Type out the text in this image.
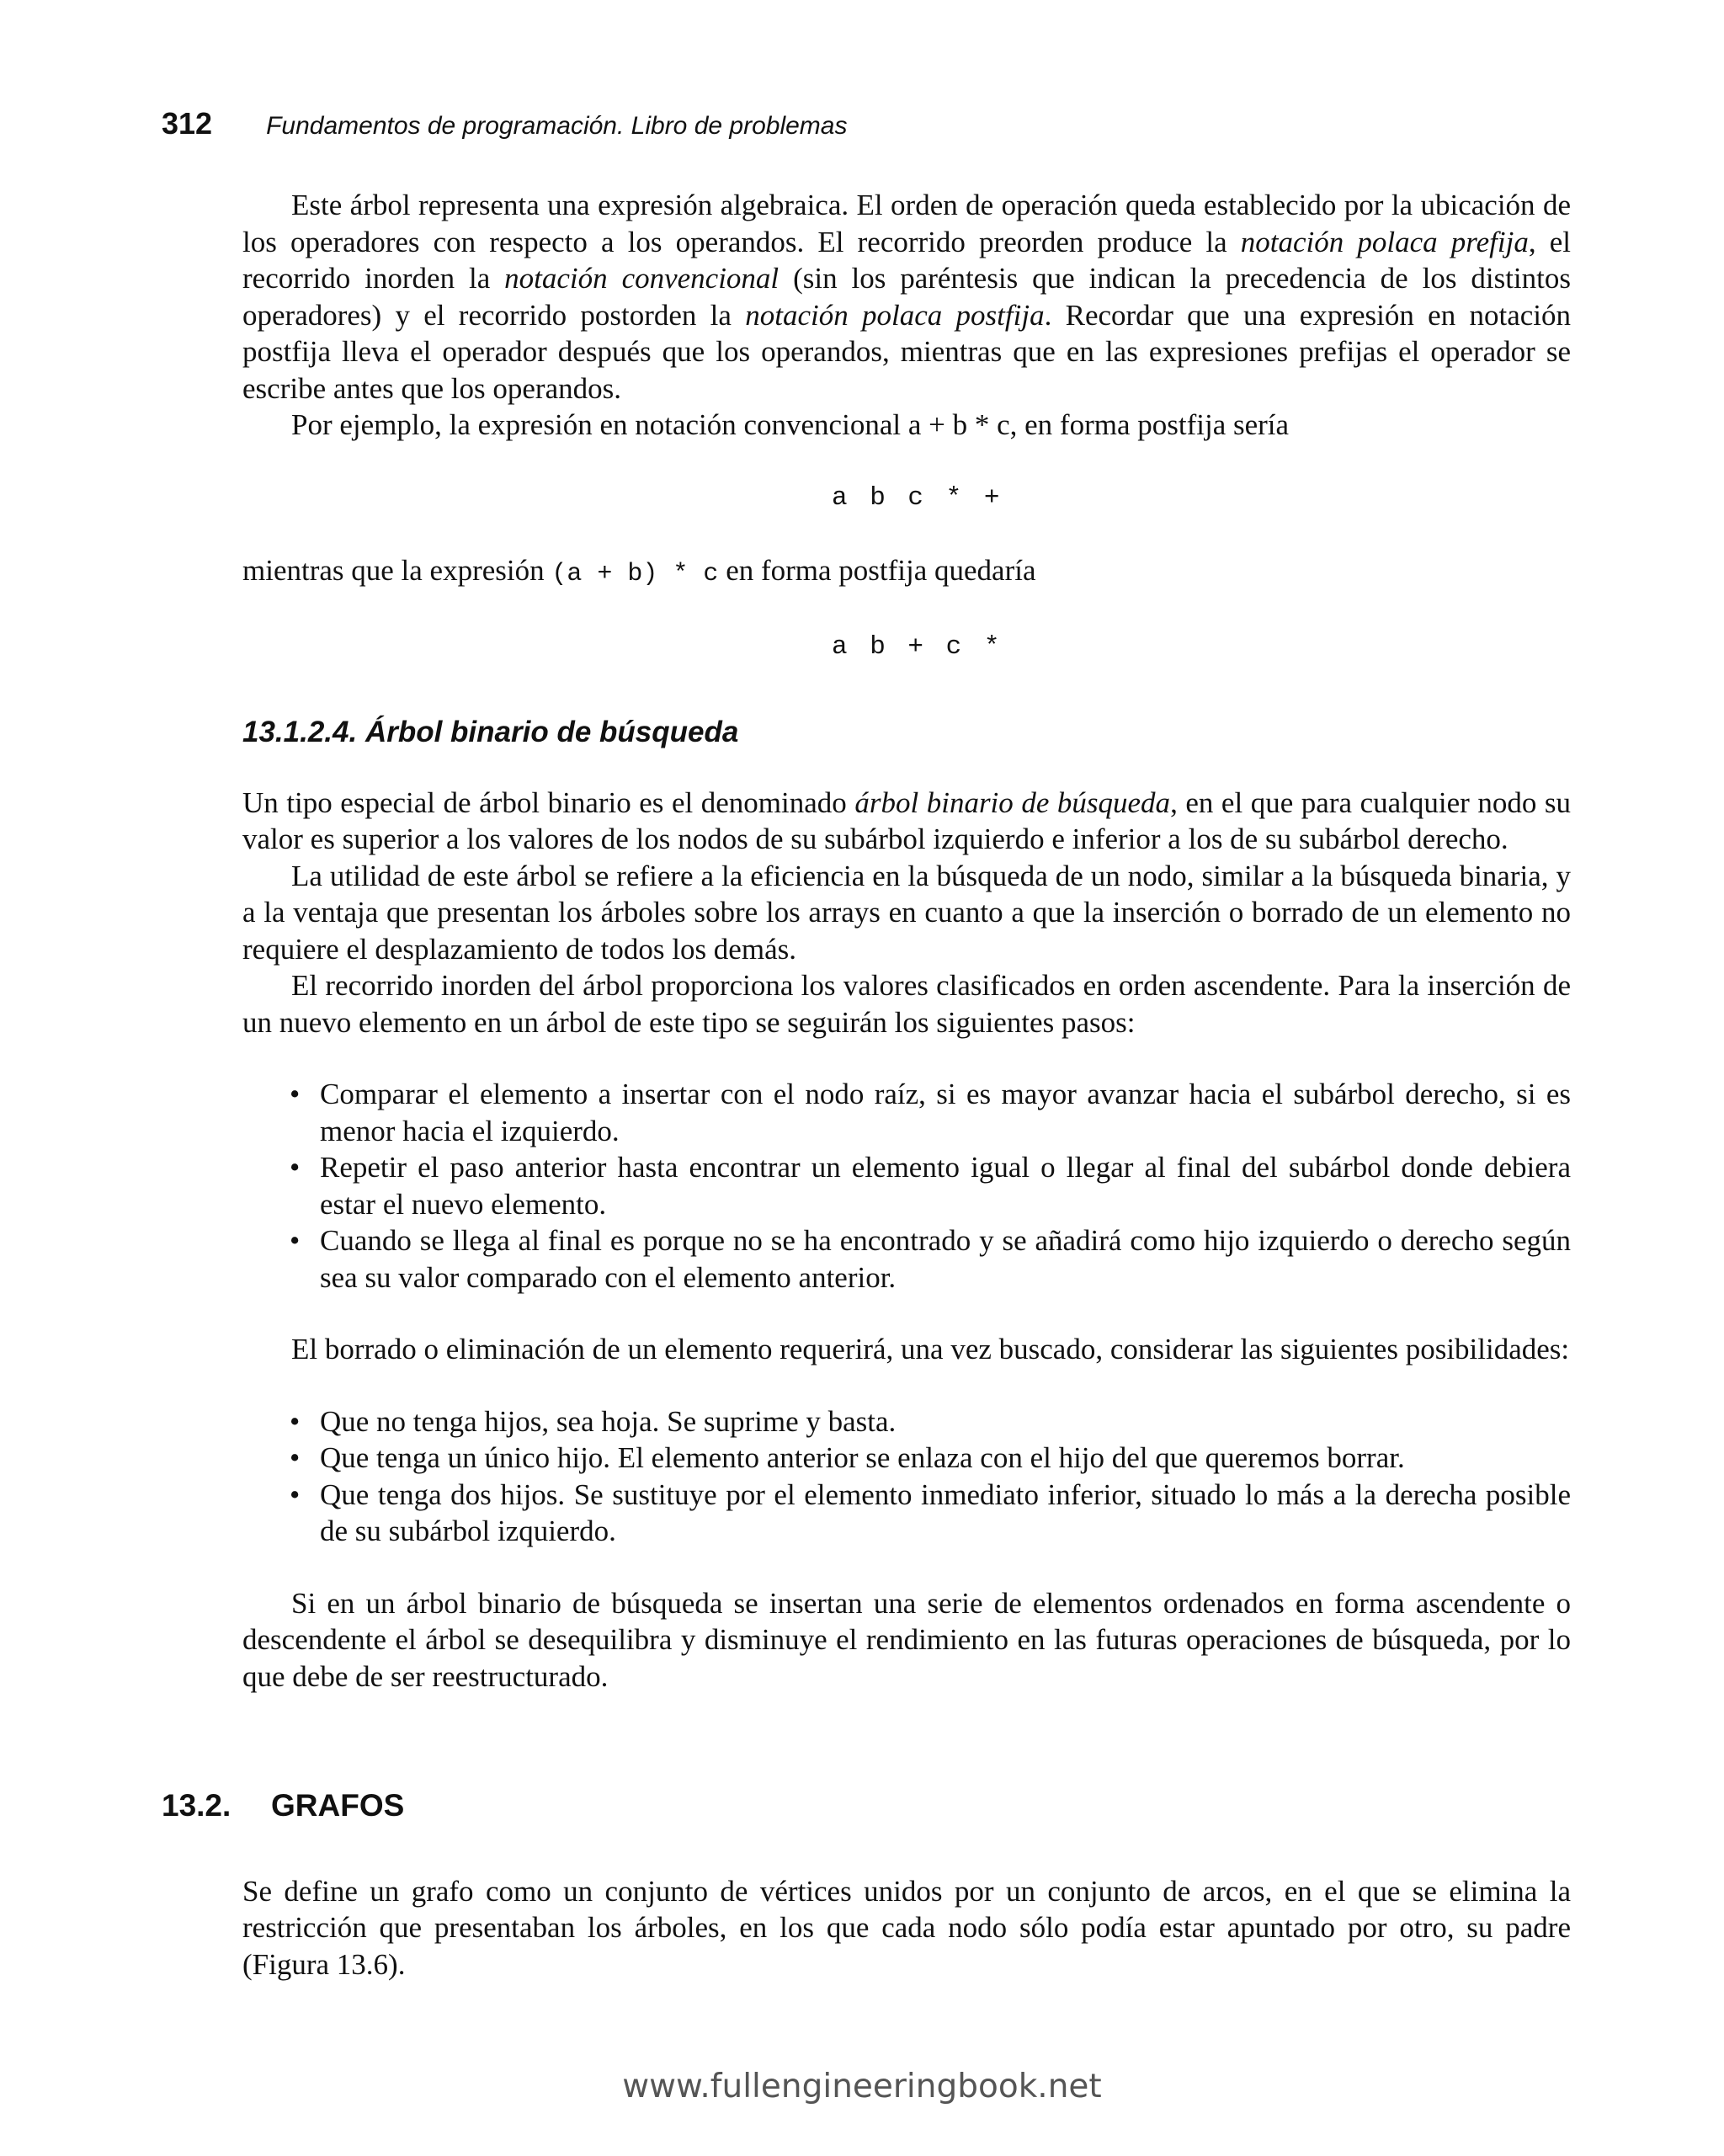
312 Fundamentos de programación. Libro de problemas

Este árbol representa una expresión algebraica. El orden de operación queda establecido por la ubicación de los operadores con respecto a los operandos. El recorrido preorden produce la notación polaca prefija, el recorrido inorden la notación convencional (sin los paréntesis que indican la precedencia de los distintos operadores) y el recorrido postorden la notación polaca postfija. Recordar que una expresión en notación postfija lleva el operador después que los operandos, mientras que en las expresiones prefijas el operador se escribe antes que los operandos.

Por ejemplo, la expresión en notación convencional a + b * c, en forma postfija sería

a b c * +

mientras que la expresión (a + b) * c en forma postfija quedaría

a b + c *
13.1.2.4. Árbol binario de búsqueda

Un tipo especial de árbol binario es el denominado árbol binario de búsqueda, en el que para cualquier nodo su valor es superior a los valores de los nodos de su subárbol izquierdo e inferior a los de su subárbol derecho.

La utilidad de este árbol se refiere a la eficiencia en la búsqueda de un nodo, similar a la búsqueda binaria, y a la ventaja que presentan los árboles sobre los arrays en cuanto a que la inserción o borrado de un elemento no requiere el desplazamiento de todos los demás.

El recorrido inorden del árbol proporciona los valores clasificados en orden ascendente. Para la inserción de un nuevo elemento en un árbol de este tipo se seguirán los siguientes pasos:

• Comparar el elemento a insertar con el nodo raíz, si es mayor avanzar hacia el subárbol derecho, si es menor hacia el izquierdo.
• Repetir el paso anterior hasta encontrar un elemento igual o llegar al final del subárbol donde debiera estar el nuevo elemento.
• Cuando se llega al final es porque no se ha encontrado y se añadirá como hijo izquierdo o derecho según sea su valor comparado con el elemento anterior.

El borrado o eliminación de un elemento requerirá, una vez buscado, considerar las siguientes posibilidades:

• Que no tenga hijos, sea hoja. Se suprime y basta.
• Que tenga un único hijo. El elemento anterior se enlaza con el hijo del que queremos borrar.
• Que tenga dos hijos. Se sustituye por el elemento inmediato inferior, situado lo más a la derecha posible de su subárbol izquierdo.

Si en un árbol binario de búsqueda se insertan una serie de elementos ordenados en forma ascendente o descendente el árbol se desequilibra y disminuye el rendimiento en las futuras operaciones de búsqueda, por lo que debe de ser reestructurado.

13.2.	GRAFOS

Se define un grafo como un conjunto de vértices unidos por un conjunto de arcos, en el que se elimina la restricción que presentaban los árboles, en los que cada nodo sólo podía estar apuntado por otro, su padre (Figura 13.6).

www.fullengineeringbook.net
